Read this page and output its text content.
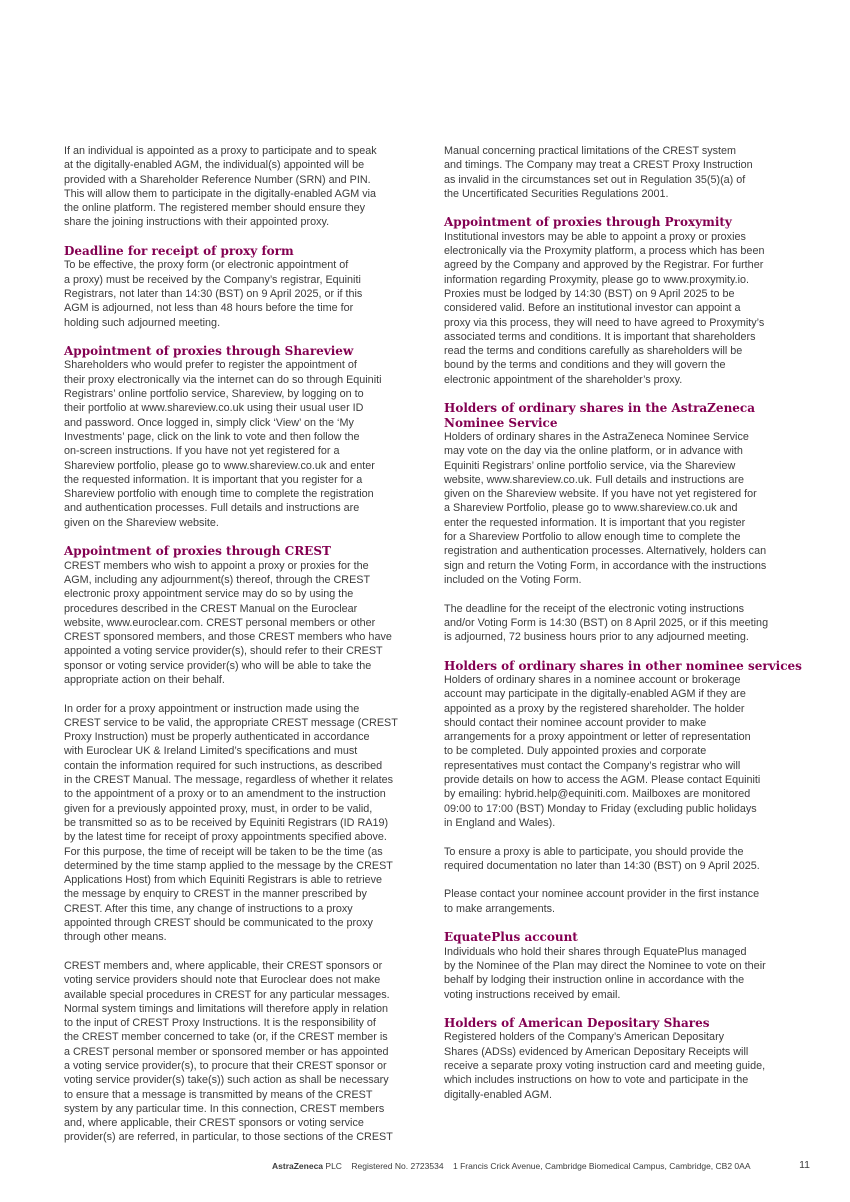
If an individual is appointed as a proxy to participate and to speak
at the digitally-enabled AGM, the individual(s) appointed will be
provided with a Shareholder Reference Number (SRN) and PIN.
This will allow them to participate in the digitally-enabled AGM via
the online platform. The registered member should ensure they
share the joining instructions with their appointed proxy.

Deadline for receipt of proxy form

To be effective, the proxy form (or electronic appointment of
a proxy) must be received by the Company’s registrar, Equiniti
Registrars, not later than 14:30 (BST) on 9 April 2025, or if this
AGM is adjourned, not less than 48 hours before the time for
holding such adjourned meeting.

Appointment of proxies through Shareview

Shareholders who would prefer to register the appointment of
their proxy electronically via the internet can do so through Equiniti
Registrars’ online portfolio service, Shareview, by logging on to
their portfolio at www.shareview.co.uk using their usual user ID
and password. Once logged in, simply click ‘View’ on the ‘My
Investments’ page, click on the link to vote and then follow the
on-screen instructions. If you have not yet registered for a
Shareview portfolio, please go to www.shareview.co.uk and enter
the requested information. It is important that you register for a
Shareview portfolio with enough time to complete the registration
and authentication processes. Full details and instructions are
given on the Shareview website.

Appointment of proxies through CREST

CREST members who wish to appoint a proxy or proxies for the
AGM, including any adjournment(s) thereof, through the CREST
electronic proxy appointment service may do so by using the
procedures described in the CREST Manual on the Euroclear
website, www.euroclear.com. CREST personal members or other
CREST sponsored members, and those CREST members who have
appointed a voting service provider(s), should refer to their CREST
sponsor or voting service provider(s) who will be able to take the
appropriate action on their behalf.

In order for a proxy appointment or instruction made using the
CREST service to be valid, the appropriate CREST message (CREST
Proxy Instruction) must be properly authenticated in accordance
with Euroclear UK & Ireland Limited’s specifications and must
contain the information required for such instructions, as described
in the CREST Manual. The message, regardless of whether it relates
to the appointment of a proxy or to an amendment to the instruction
given for a previously appointed proxy, must, in order to be valid,
be transmitted so as to be received by Equiniti Registrars (ID RA19)
by the latest time for receipt of proxy appointments specified above.
For this purpose, the time of receipt will be taken to be the time (as
determined by the time stamp applied to the message by the CREST
Applications Host) from which Equiniti Registrars is able to retrieve
the message by enquiry to CREST in the manner prescribed by
CREST. After this time, any change of instructions to a proxy
appointed through CREST should be communicated to the proxy
through other means.

CREST members and, where applicable, their CREST sponsors or
voting service providers should note that Euroclear does not make
available special procedures in CREST for any particular messages.
Normal system timings and limitations will therefore apply in relation
to the input of CREST Proxy Instructions. It is the responsibility of
the CREST member concerned to take (or, if the CREST member is
a CREST personal member or sponsored member or has appointed
a voting service provider(s), to procure that their CREST sponsor or
voting service provider(s) take(s)) such action as shall be necessary
to ensure that a message is transmitted by means of the CREST
system by any particular time. In this connection, CREST members
and, where applicable, their CREST sponsors or voting service
provider(s) are referred, in particular, to those sections of the CREST

Manual concerning practical limitations of the CREST system
and timings. The Company may treat a CREST Proxy Instruction
as invalid in the circumstances set out in Regulation 35(5)(a) of
the Uncertificated Securities Regulations 2001.

Appointment of proxies through Proxymity

Institutional investors may be able to appoint a proxy or proxies
electronically via the Proxymity platform, a process which has been
agreed by the Company and approved by the Registrar. For further
information regarding Proxymity, please go to www.proxymity.io.
Proxies must be lodged by 14:30 (BST) on 9 April 2025 to be
considered valid. Before an institutional investor can appoint a
proxy via this process, they will need to have agreed to Proxymity’s
associated terms and conditions. It is important that shareholders
read the terms and conditions carefully as shareholders will be
bound by the terms and conditions and they will govern the
electronic appointment of the shareholder’s proxy.

Holders of ordinary shares in the AstraZeneca
Nominee Service

Holders of ordinary shares in the AstraZeneca Nominee Service
may vote on the day via the online platform, or in advance with
Equiniti Registrars’ online portfolio service, via the Shareview
website, www.shareview.co.uk. Full details and instructions are
given on the Shareview website. If you have not yet registered for
a Shareview Portfolio, please go to www.shareview.co.uk and
enter the requested information. It is important that you register
for a Shareview Portfolio to allow enough time to complete the
registration and authentication processes. Alternatively, holders can
sign and return the Voting Form, in accordance with the instructions
included on the Voting Form.

The deadline for the receipt of the electronic voting instructions
and/or Voting Form is 14:30 (BST) on 8 April 2025, or if this meeting
is adjourned, 72 business hours prior to any adjourned meeting.

Holders of ordinary shares in other nominee services

Holders of ordinary shares in a nominee account or brokerage
account may participate in the digitally-enabled AGM if they are
appointed as a proxy by the registered shareholder. The holder
should contact their nominee account provider to make
arrangements for a proxy appointment or letter of representation
to be completed. Duly appointed proxies and corporate
representatives must contact the Company’s registrar who will
provide details on how to access the AGM. Please contact Equiniti
by emailing: hybrid.help@equiniti.com. Mailboxes are monitored
09:00 to 17:00 (BST) Monday to Friday (excluding public holidays
in England and Wales).

To ensure a proxy is able to participate, you should provide the
required documentation no later than 14:30 (BST) on 9 April 2025.

Please contact your nominee account provider in the first instance
to make arrangements.

EquatePlus account

Individuals who hold their shares through EquatePlus managed
by the Nominee of the Plan may direct the Nominee to vote on their
behalf by lodging their instruction online in accordance with the
voting instructions received by email.

Holders of American Depositary Shares

Registered holders of the Company’s American Depositary
Shares (ADSs) evidenced by American Depositary Receipts will
receive a separate proxy voting instruction card and meeting guide,
which includes instructions on how to vote and participate in the
digitally-enabled AGM.

AstraZeneca PLC Registered No. 2723534 1 Francis Crick Avenue, Cambridge Biomedical Campus, Cambridge, CB2 0AA	11
